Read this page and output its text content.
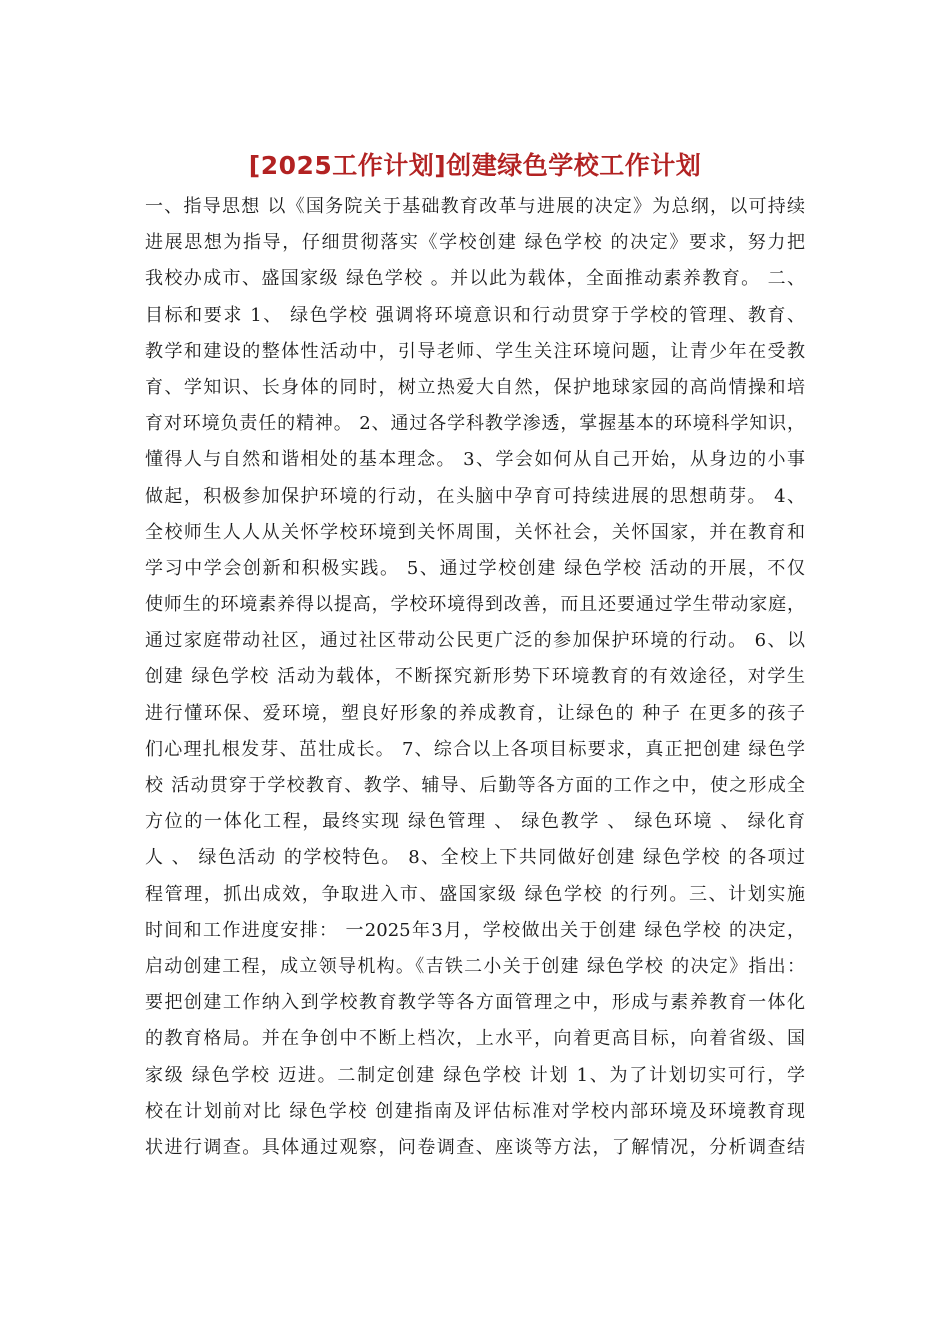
[2025工作计划]创建绿色学校工作计划
一、指导思想 以《国务院关于基础教育改革与进展的决定》为总纲，以可持续
进展思想为指导，仔细贯彻落实《学校创建 绿色学校 的决定》要求，努力把
我校办成市、盛国家级 绿色学校 。并以此为载体，全面推动素养教育。 二、
目标和要求 1、 绿色学校 强调将环境意识和行动贯穿于学校的管理、教育、
教学和建设的整体性活动中，引导老师、学生关注环境问题，让青少年在受教
育、学知识、长身体的同时，树立热爱大自然，保护地球家园的高尚情操和培
育对环境负责任的精神。 2、通过各学科教学渗透，掌握基本的环境科学知识，
懂得人与自然和谐相处的基本理念。 3、学会如何从自己开始，从身边的小事
做起，积极参加保护环境的行动，在头脑中孕育可持续进展的思想萌芽。 4、
全校师生人人从关怀学校环境到关怀周围，关怀社会，关怀国家，并在教育和
学习中学会创新和积极实践。 5、通过学校创建 绿色学校 活动的开展，不仅
使师生的环境素养得以提高，学校环境得到改善，而且还要通过学生带动家庭，
通过家庭带动社区，通过社区带动公民更广泛的参加保护环境的行动。 6、以
创建 绿色学校 活动为载体，不断探究新形势下环境教育的有效途径，对学生
进行懂环保、爱环境，塑良好形象的养成教育，让绿色的 种子 在更多的孩子
们心理扎根发芽、茁壮成长。 7、综合以上各项目标要求，真正把创建 绿色学
校 活动贯穿于学校教育、教学、辅导、后勤等各方面的工作之中，使之形成全
方位的一体化工程，最终实现 绿色管理 、 绿色教学 、 绿色环境 、 绿化育
人 、 绿色活动 的学校特色。 8、全校上下共同做好创建 绿色学校 的各项过
程管理，抓出成效，争取进入市、盛国家级 绿色学校 的行列。三、计划实施
时间和工作进度安排： 一2025年3月，学校做出关于创建 绿色学校 的决定，
启动创建工程，成立领导机构。《吉铁二小关于创建 绿色学校 的决定》指出：
要把创建工作纳入到学校教育教学等各方面管理之中，形成与素养教育一体化
的教育格局。并在争创中不断上档次，上水平，向着更高目标，向着省级、国
家级 绿色学校 迈进。二制定创建 绿色学校 计划 1、为了计划切实可行，学
校在计划前对比 绿色学校 创建指南及评估标准对学校内部环境及环境教育现
状进行调查。具体通过观察，问卷调查、座谈等方法，了解情况，分析调查结
